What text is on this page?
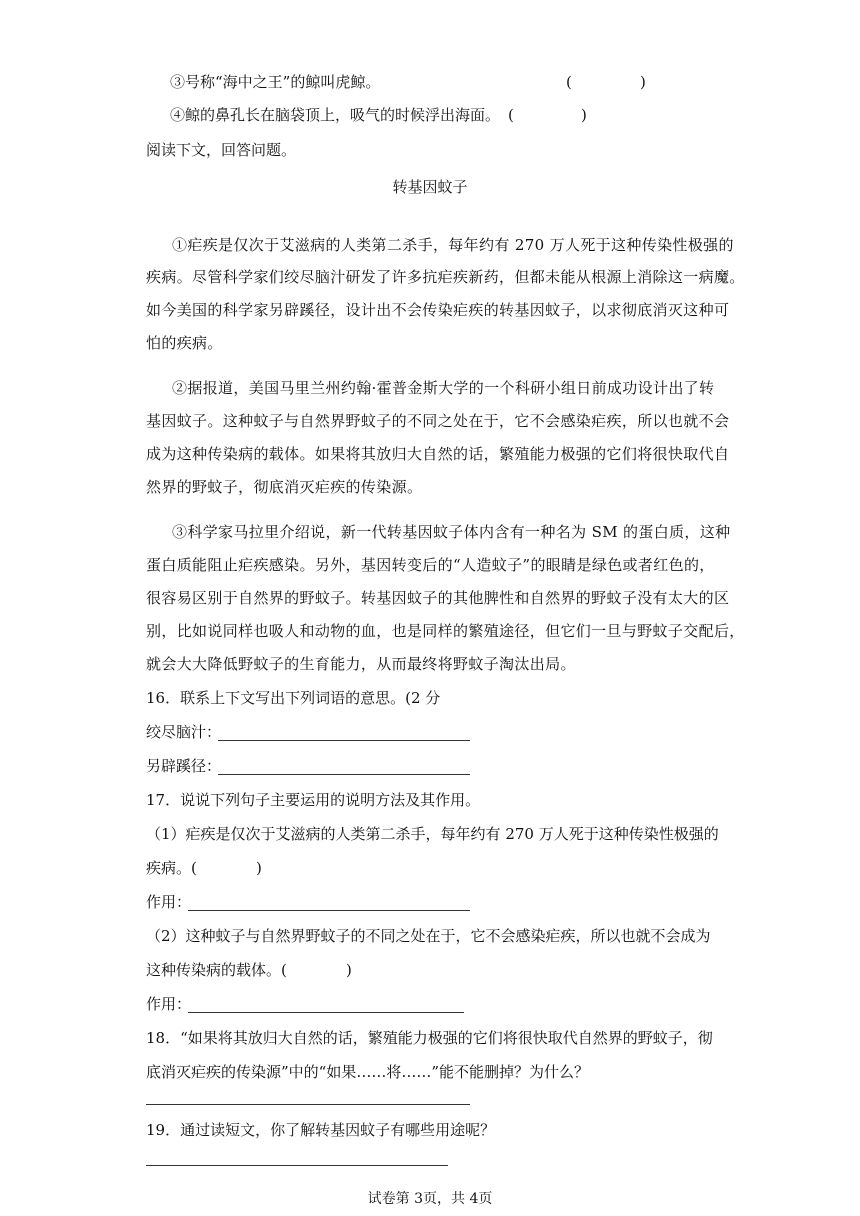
③号称“海中之王”的鲸叫虎鲸。	(	)
④鲸的鼻孔长在脑袋顶上，吸气的时候浮出海面。 (	)
阅读下文，回答问题。
转基因蚊子
①疟疾是仅次于艾滋病的人类第二杀手，每年约有 270 万人死于这种传染性极强的
疾病。尽管科学家们绞尽脑汁研发了许多抗疟疾新药，但都未能从根源上消除这一病魔。
如今美国的科学家另辟蹊径，设计出不会传染疟疾的转基因蚊子，以求彻底消灭这种可
怕的疾病。
②据报道，美国马里兰州约翰·霍普金斯大学的一个科研小组日前成功设计出了转
基因蚊子。这种蚊子与自然界野蚊子的不同之处在于，它不会感染疟疾，所以也就不会
成为这种传染病的载体。如果将其放归大自然的话，繁殖能力极强的它们将很快取代自
然界的野蚊子，彻底消灭疟疾的传染源。
③科学家马拉里介绍说，新一代转基因蚊子体内含有一种名为 SM 的蛋白质，这种
蛋白质能阻止疟疾感染。另外，基因转变后的“人造蚊子”的眼睛是绿色或者红色的，
很容易区别于自然界的野蚊子。转基因蚊子的其他脾性和自然界的野蚊子没有太大的区
别，比如说同样也吸人和动物的血，也是同样的繁殖途径，但它们一旦与野蚊子交配后，
就会大大降低野蚊子的生育能力，从而最终将野蚊子淘汰出局。
16．联系上下文写出下列词语的意思。(2 分
绞尽脑汁：
另辟蹊径：
17．说说下列句子主要运用的说明方法及其作用。
（1）疟疾是仅次于艾滋病的人类第二杀手，每年约有 270 万人死于这种传染性极强的
疾病。(	)
作用：
（2）这种蚊子与自然界野蚊子的不同之处在于，它不会感染疟疾，所以也就不会成为
这种传染病的载体。(	)
作用：
18．“如果将其放归大自然的话，繁殖能力极强的它们将很快取代自然界的野蚊子，彻
底消灭疟疾的传染源”中的“如果……将……”能不能删掉？为什么？
19．通过读短文，你了解转基因蚊子有哪些用途呢？
试卷第 3页，共 4页
